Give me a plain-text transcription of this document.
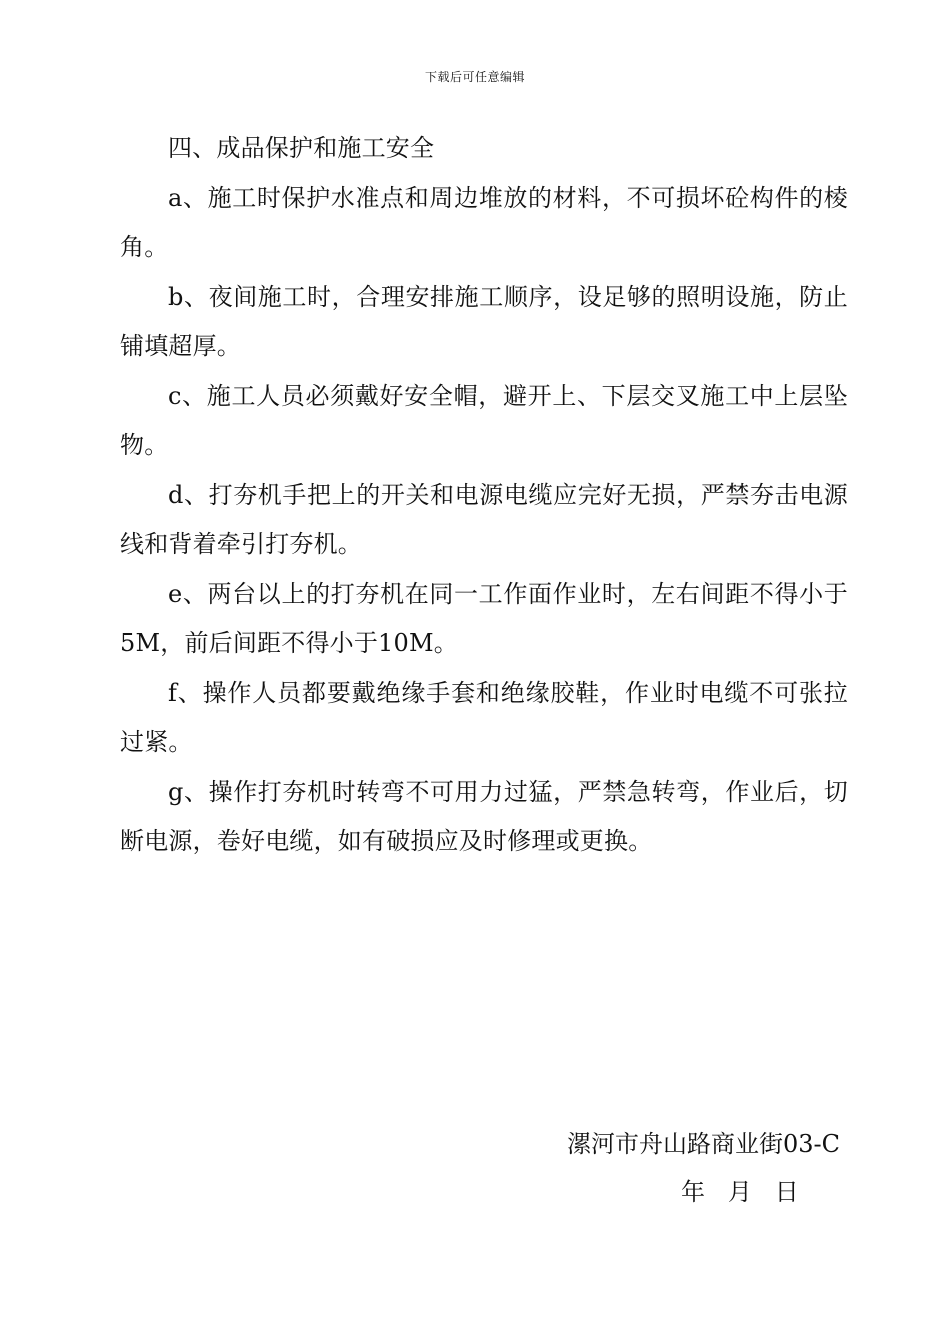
下载后可任意编辑

四、成品保护和施工安全

a、施工时保护水准点和周边堆放的材料，不可损坏砼构件的棱角。

b、夜间施工时，合理安排施工顺序，设足够的照明设施，防止铺填超厚。

c、施工人员必须戴好安全帽，避开上、下层交叉施工中上层坠物。

d、打夯机手把上的开关和电源电缆应完好无损，严禁夯击电源线和背着牵引打夯机。

e、两台以上的打夯机在同一工作面作业时，左右间距不得小于5M，前后间距不得小于10M。

f、操作人员都要戴绝缘手套和绝缘胶鞋，作业时电缆不可张拉过紧。

g、操作打夯机时转弯不可用力过猛，严禁急转弯，作业后，切断电源，卷好电缆，如有破损应及时修理或更换。

漯河市舟山路商业街03-C
年   月   日
